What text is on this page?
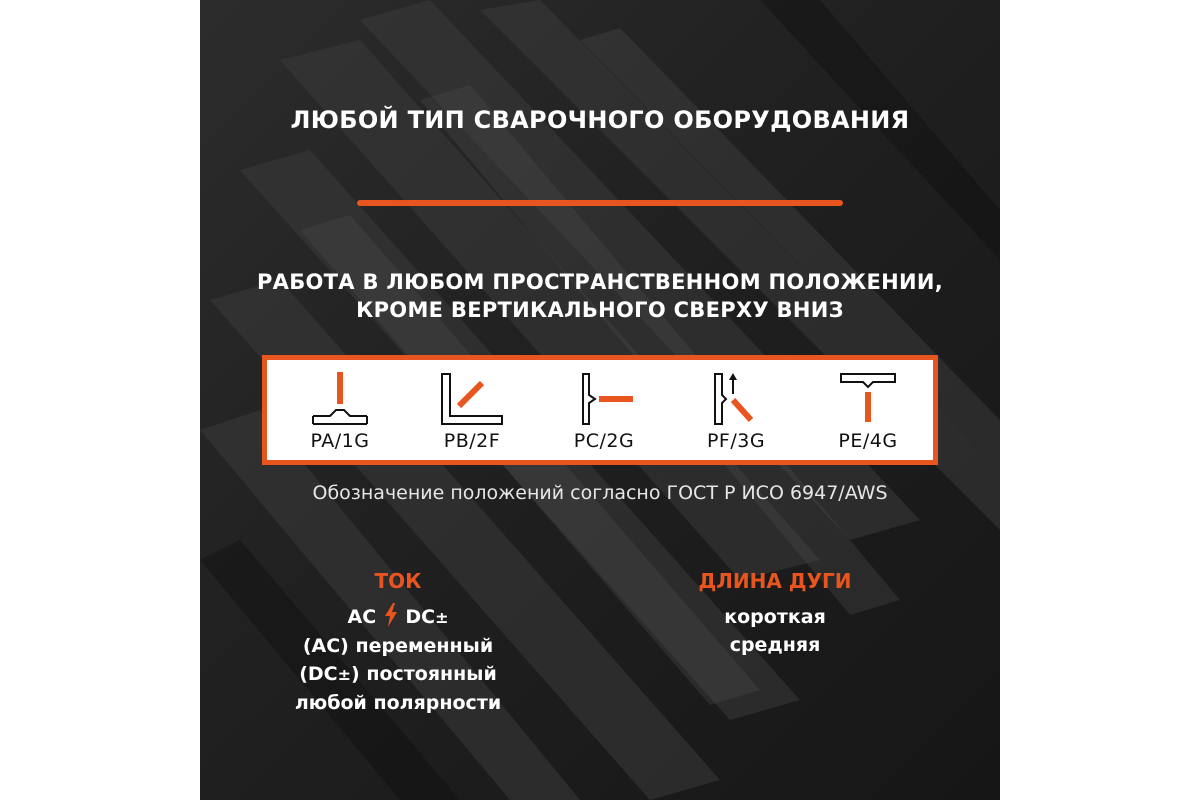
ЛЮБОЙ ТИП СВАРОЧНОГО ОБОРУДОВАНИЯ
РАБОТА В ЛЮБОМ ПРОСТРАНСТВЕННОМ ПОЛОЖЕНИИ,
КРОМЕ ВЕРТИКАЛЬНОГО СВЕРХУ ВНИЗ
PA/1G	PB/2F	PC/2G	PF/3G	PE/4G
Обозначение положений согласно ГОСТ Р ИСО 6947/AWS
ТОК
AC DC±
(АС) переменный
(DC±) постоянный
любой полярности
ДЛИНА ДУГИ
короткая
средняя
